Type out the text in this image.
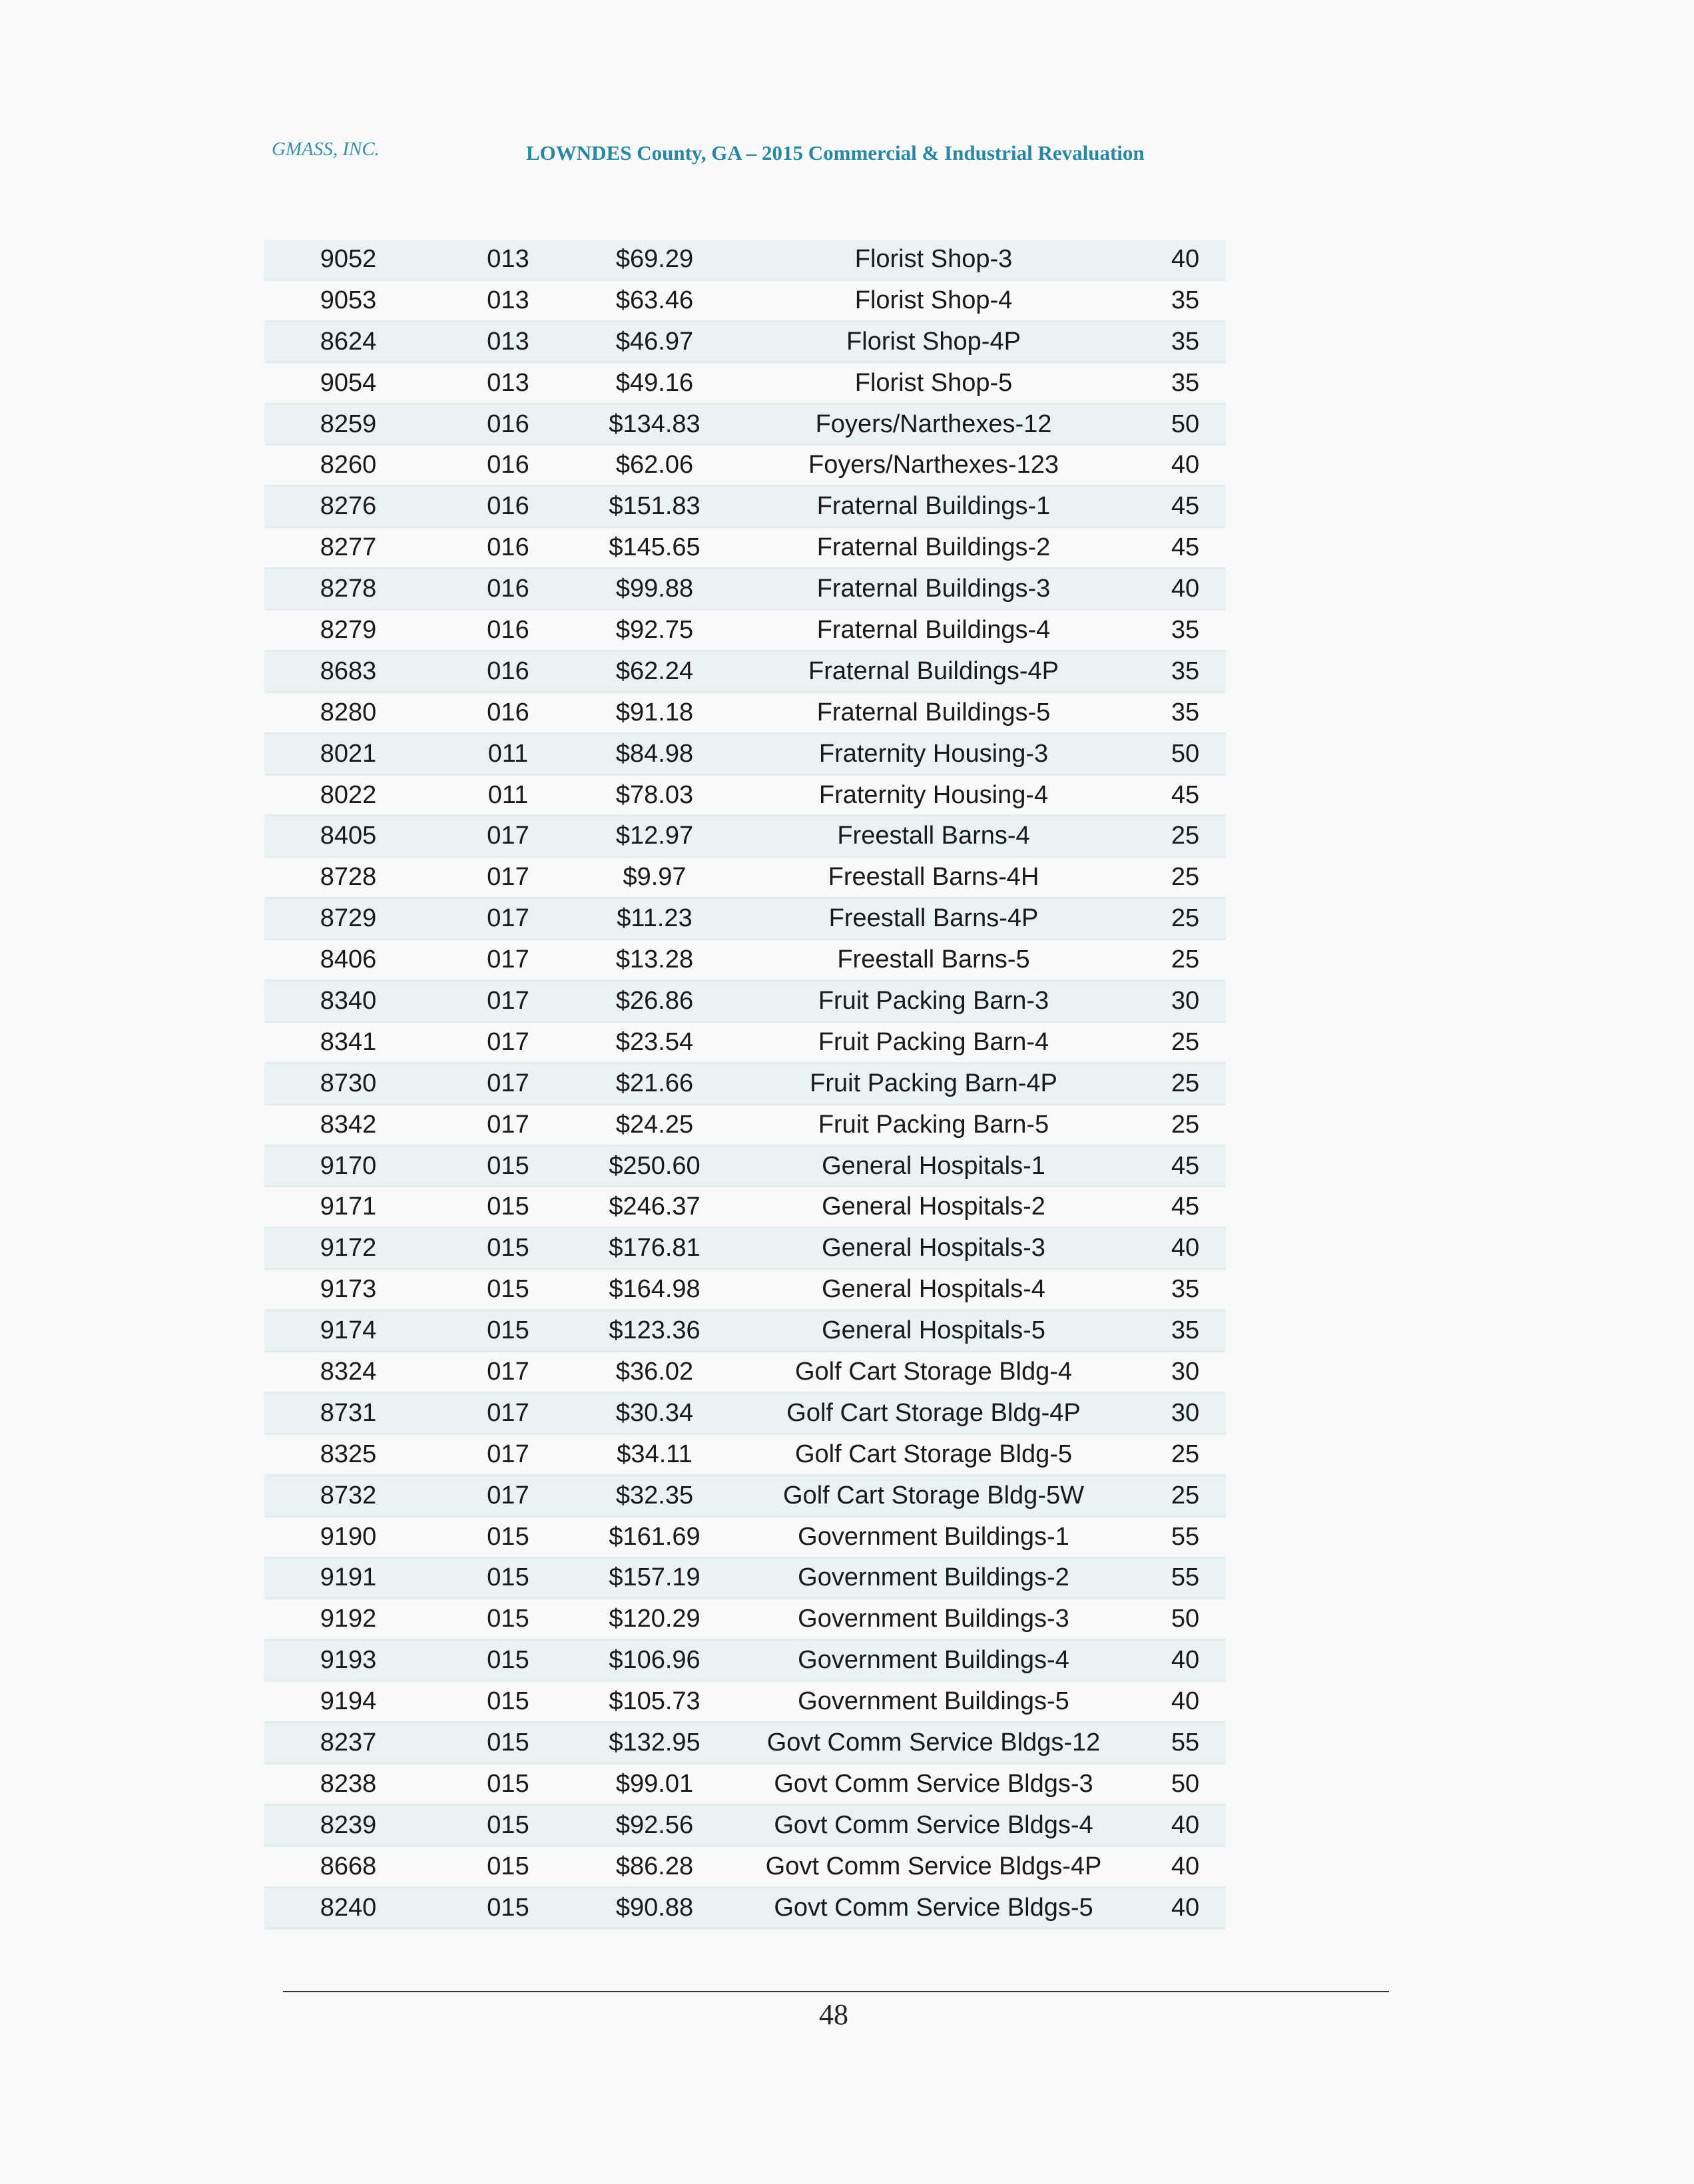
GMASS, INC.	LOWNDES County, GA – 2015 Commercial & Industrial Revaluation
9052	013	$69.29	Florist Shop-3	40
9053	013	$63.46	Florist Shop-4	35
8624	013	$46.97	Florist Shop-4P	35
9054	013	$49.16	Florist Shop-5	35
8259	016	$134.83	Foyers/Narthexes-12	50
8260	016	$62.06	Foyers/Narthexes-123	40
8276	016	$151.83	Fraternal Buildings-1	45
8277	016	$145.65	Fraternal Buildings-2	45
8278	016	$99.88	Fraternal Buildings-3	40
8279	016	$92.75	Fraternal Buildings-4	35
8683	016	$62.24	Fraternal Buildings-4P	35
8280	016	$91.18	Fraternal Buildings-5	35
8021	011	$84.98	Fraternity Housing-3	50
8022	011	$78.03	Fraternity Housing-4	45
8405	017	$12.97	Freestall Barns-4	25
8728	017	$9.97	Freestall Barns-4H	25
8729	017	$11.23	Freestall Barns-4P	25
8406	017	$13.28	Freestall Barns-5	25
8340	017	$26.86	Fruit Packing Barn-3	30
8341	017	$23.54	Fruit Packing Barn-4	25
8730	017	$21.66	Fruit Packing Barn-4P	25
8342	017	$24.25	Fruit Packing Barn-5	25
9170	015	$250.60	General Hospitals-1	45
9171	015	$246.37	General Hospitals-2	45
9172	015	$176.81	General Hospitals-3	40
9173	015	$164.98	General Hospitals-4	35
9174	015	$123.36	General Hospitals-5	35
8324	017	$36.02	Golf Cart Storage Bldg-4	30
8731	017	$30.34	Golf Cart Storage Bldg-4P	30
8325	017	$34.11	Golf Cart Storage Bldg-5	25
8732	017	$32.35	Golf Cart Storage Bldg-5W	25
9190	015	$161.69	Government Buildings-1	55
9191	015	$157.19	Government Buildings-2	55
9192	015	$120.29	Government Buildings-3	50
9193	015	$106.96	Government Buildings-4	40
9194	015	$105.73	Government Buildings-5	40
8237	015	$132.95	Govt Comm Service Bldgs-12	55
8238	015	$99.01	Govt Comm Service Bldgs-3	50
8239	015	$92.56	Govt Comm Service Bldgs-4	40
8668	015	$86.28	Govt Comm Service Bldgs-4P	40
8240	015	$90.88	Govt Comm Service Bldgs-5	40
48
